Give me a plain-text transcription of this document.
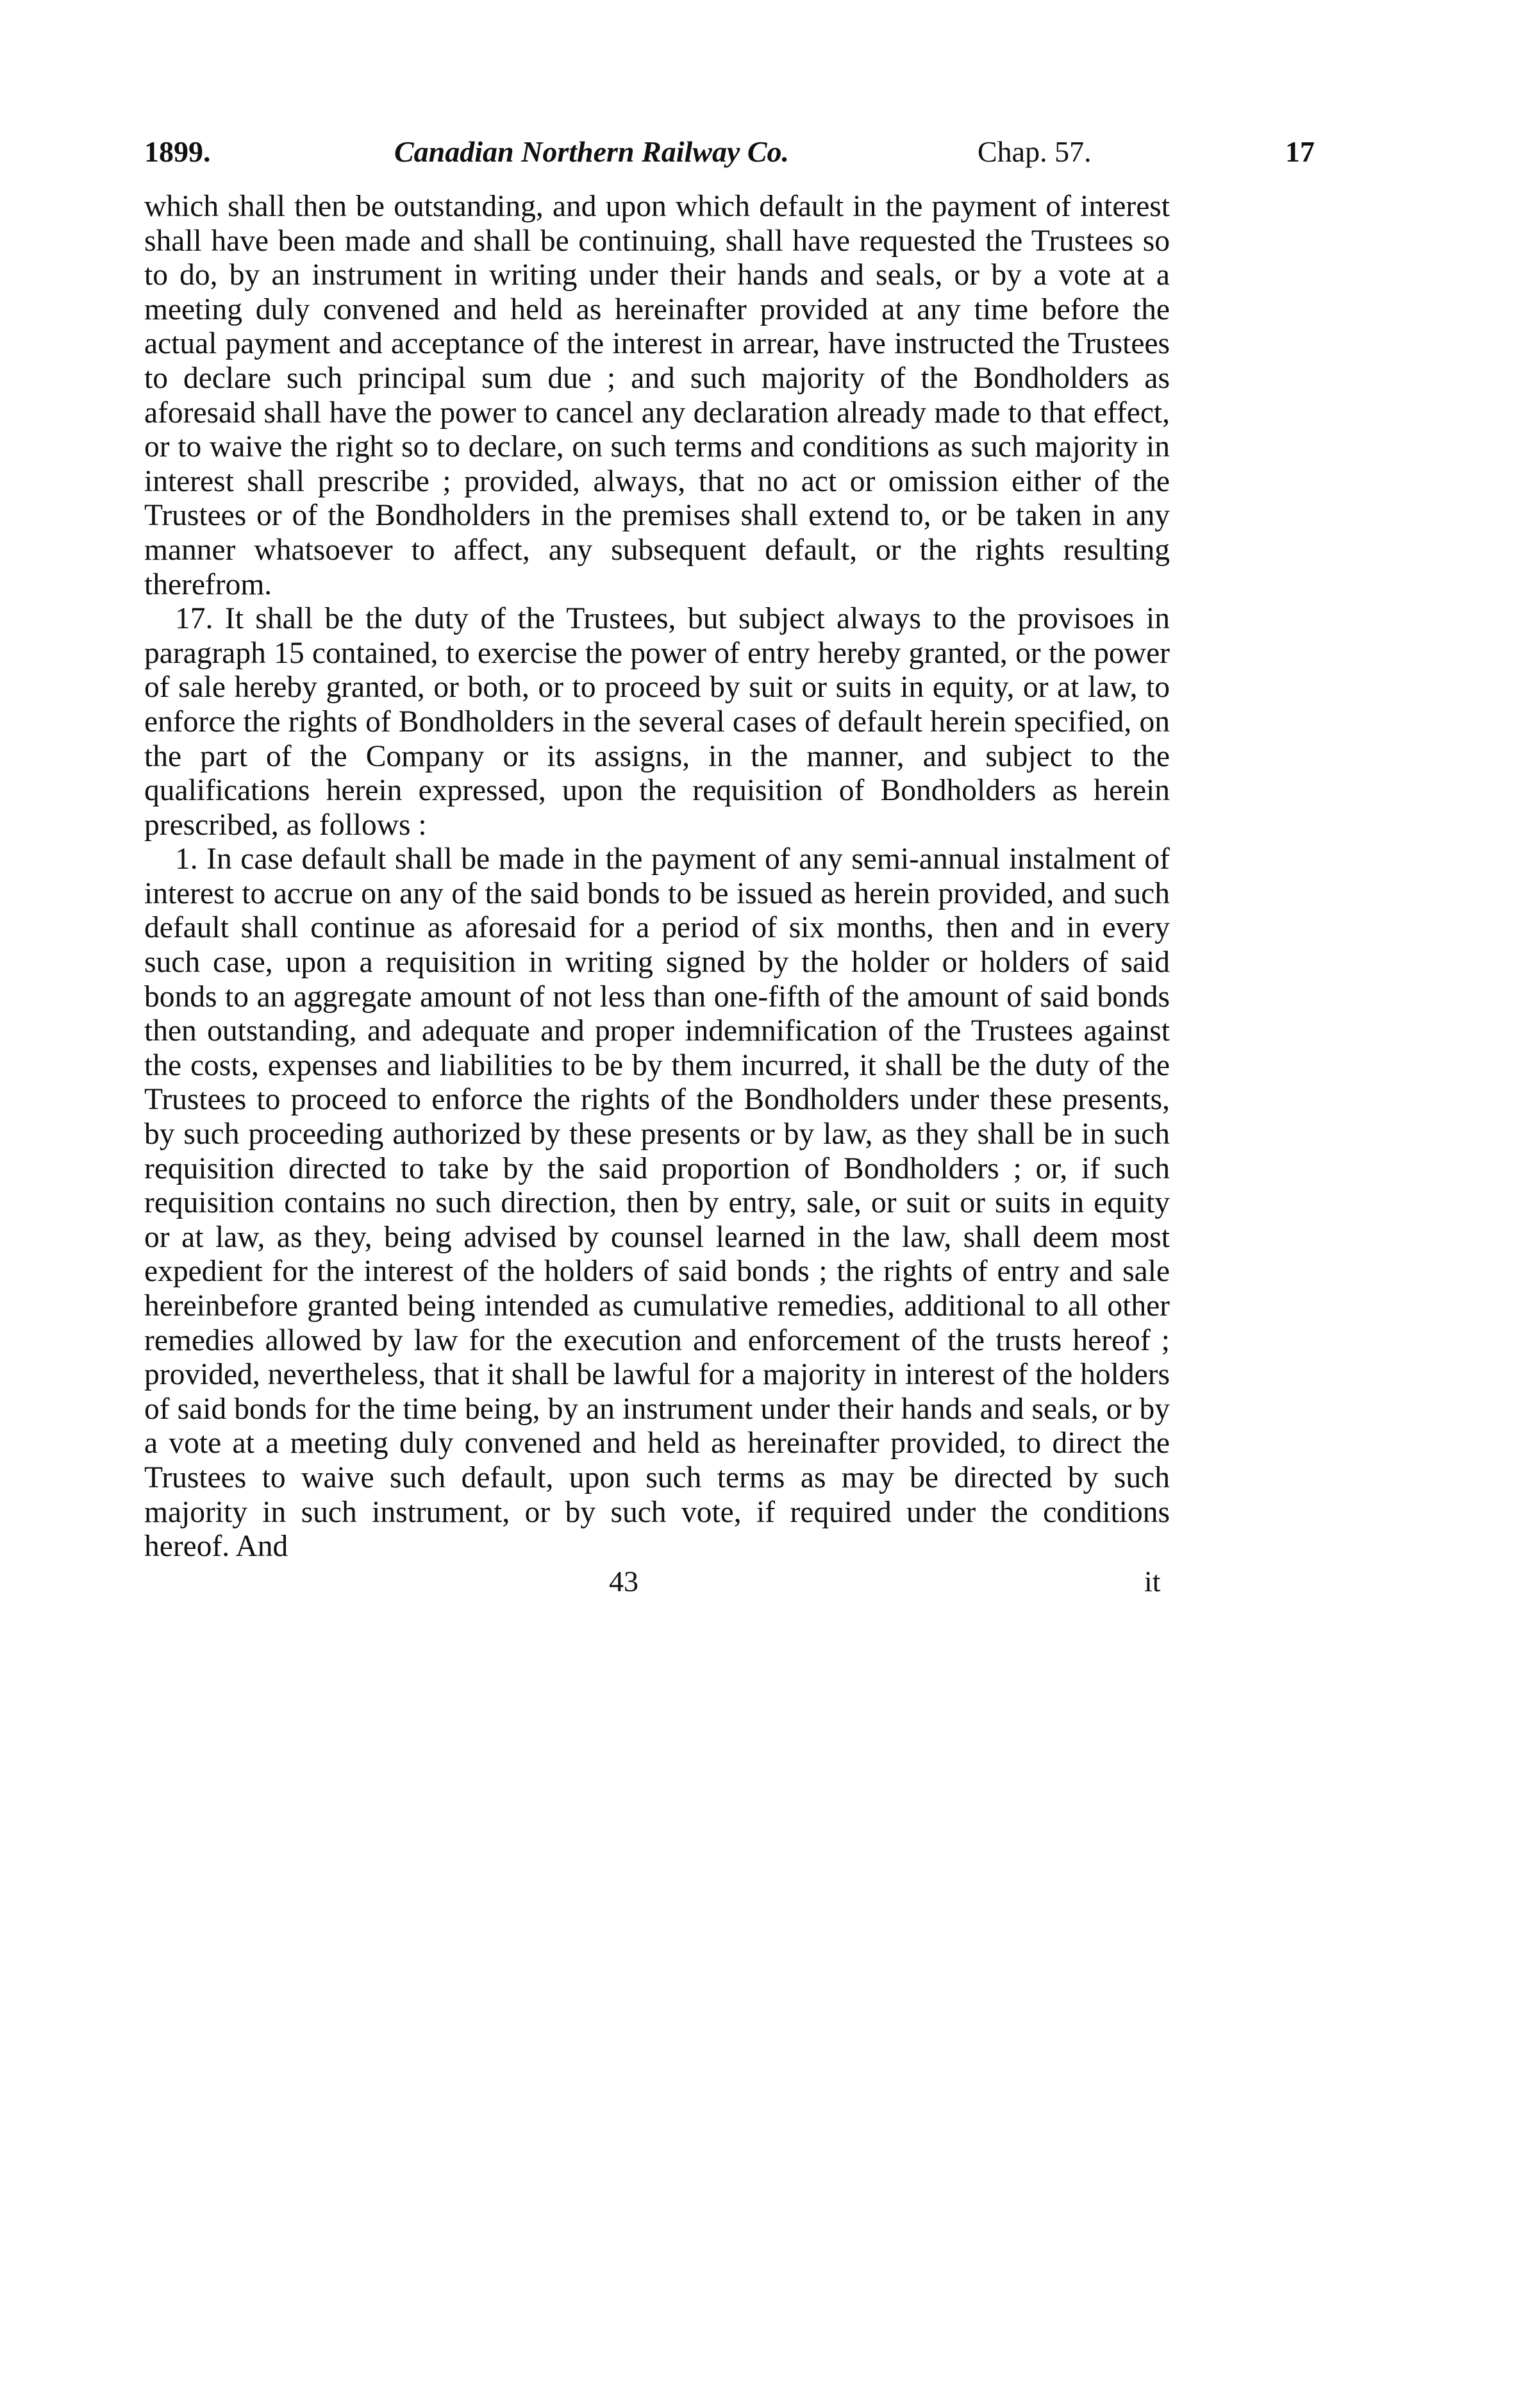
1899.	Canadian Northern Railway Co.	Chap. 57.	17

which shall then be outstanding, and upon which default in the payment of interest shall have been made and shall be continuing, shall have requested the Trustees so to do, by an instrument in writing under their hands and seals, or by a vote at a meeting duly convened and held as hereinafter provided at any time before the actual payment and acceptance of the interest in arrear, have instructed the Trustees to declare such principal sum due ; and such majority of the Bondholders as aforesaid shall have the power to cancel any declaration already made to that effect, or to waive the right so to declare, on such terms and conditions as such majority in interest shall prescribe ; provided, always, that no act or omission either of the Trustees or of the Bondholders in the premises shall extend to, or be taken in any manner whatsoever to affect, any subsequent default, or the rights resulting therefrom.

17. It shall be the duty of the Trustees, but subject always to the provisoes in paragraph 15 contained, to exercise the power of entry hereby granted, or the power of sale hereby granted, or both, or to proceed by suit or suits in equity, or at law, to enforce the rights of Bondholders in the several cases of default herein specified, on the part of the Company or its assigns, in the manner, and subject to the qualifications herein expressed, upon the requisition of Bondholders as herein prescribed, as follows :

1. In case default shall be made in the payment of any semi-annual instalment of interest to accrue on any of the said bonds to be issued as herein provided, and such default shall continue as aforesaid for a period of six months, then and in every such case, upon a requisition in writing signed by the holder or holders of said bonds to an aggregate amount of not less than one-fifth of the amount of said bonds then outstanding, and adequate and proper indemnification of the Trustees against the costs, expenses and liabilities to be by them incurred, it shall be the duty of the Trustees to proceed to enforce the rights of the Bondholders under these presents, by such proceeding authorized by these presents or by law, as they shall be in such requisition directed to take by the said proportion of Bondholders ; or, if such requisition contains no such direction, then by entry, sale, or suit or suits in equity or at law, as they, being advised by counsel learned in the law, shall deem most expedient for the interest of the holders of said bonds ; the rights of entry and sale hereinbefore granted being intended as cumulative remedies, additional to all other remedies allowed by law for the execution and enforcement of the trusts hereof ; provided, nevertheless, that it shall be lawful for a majority in interest of the holders of said bonds for the time being, by an instrument under their hands and seals, or by a vote at a meeting duly convened and held as hereinafter provided, to direct the Trustees to waive such default, upon such terms as may be directed by such majority in such instrument, or by such vote, if required under the conditions hereof. And

43	it
